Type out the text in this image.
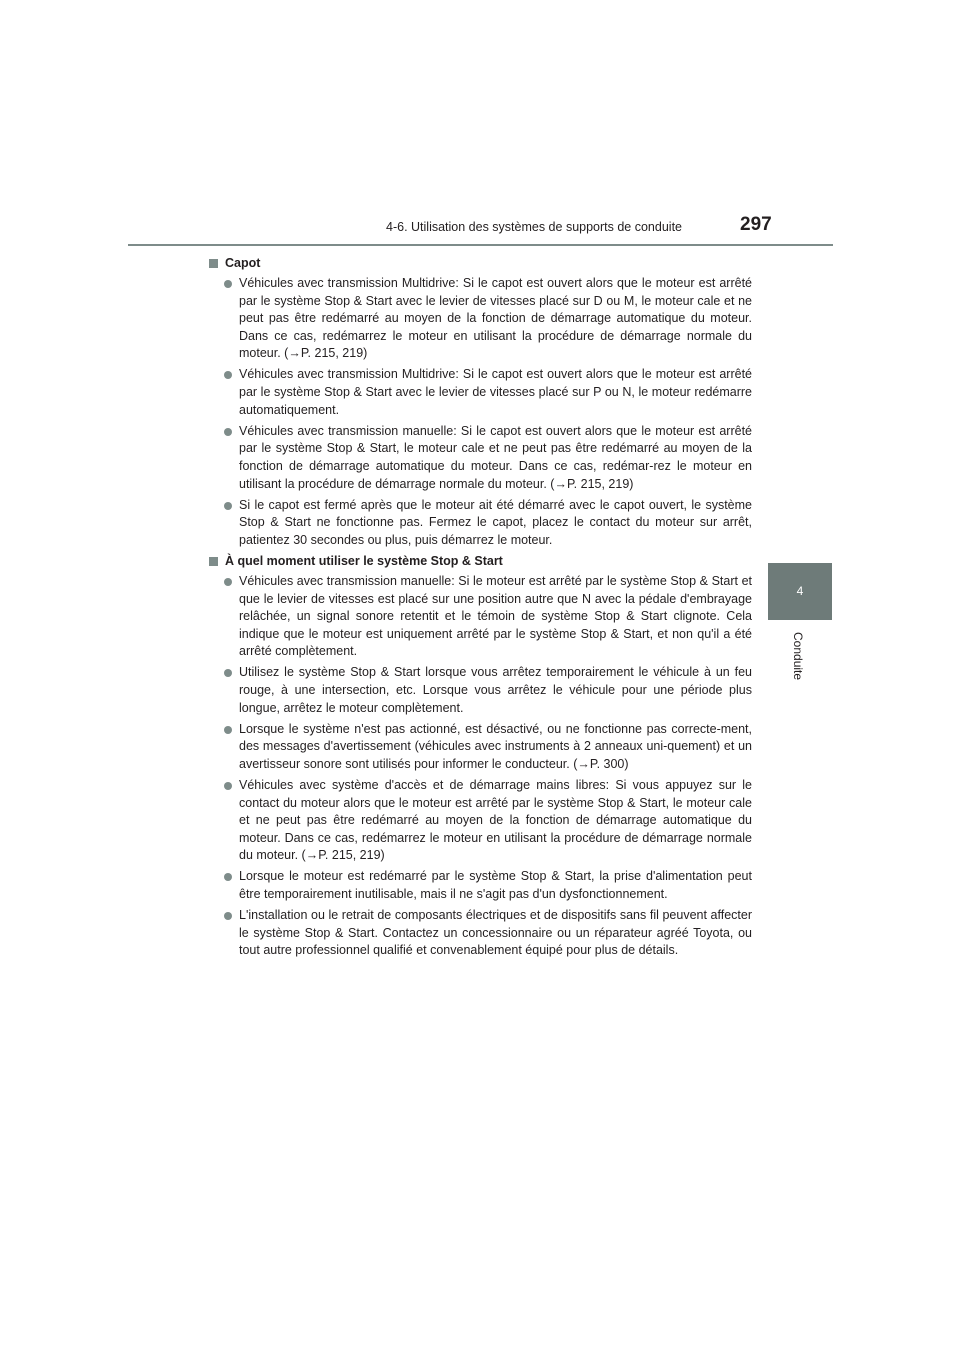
4-6. Utilisation des systèmes de supports de conduite	297
4
Conduite
Capot
Véhicules avec transmission Multidrive: Si le capot est ouvert alors que le moteur est arrêté par le système Stop & Start avec le levier de vitesses placé sur D ou M, le moteur cale et ne peut pas être redémarré au moyen de la fonction de démarrage automatique du moteur. Dans ce cas, redémarrez le moteur en utilisant la procédure de démarrage normale du moteur. (→P. 215, 219)
Véhicules avec transmission Multidrive: Si le capot est ouvert alors que le moteur est arrêté par le système Stop & Start avec le levier de vitesses placé sur P ou N, le moteur redémarre automatiquement.
Véhicules avec transmission manuelle: Si le capot est ouvert alors que le moteur est arrêté par le système Stop & Start, le moteur cale et ne peut pas être redémarré au moyen de la fonction de démarrage automatique du moteur. Dans ce cas, redémar-rez le moteur en utilisant la procédure de démarrage normale du moteur. (→P. 215, 219)
Si le capot est fermé après que le moteur ait été démarré avec le capot ouvert, le système Stop & Start ne fonctionne pas. Fermez le capot, placez le contact du moteur sur arrêt, patientez 30 secondes ou plus, puis démarrez le moteur.
À quel moment utiliser le système Stop & Start
Véhicules avec transmission manuelle: Si le moteur est arrêté par le système Stop & Start et que le levier de vitesses est placé sur une position autre que N avec la pédale d'embrayage relâchée, un signal sonore retentit et le témoin de système Stop & Start clignote. Cela indique que le moteur est uniquement arrêté par le système Stop & Start, et non qu'il a été arrêté complètement.
Utilisez le système Stop & Start lorsque vous arrêtez temporairement le véhicule à un feu rouge, à une intersection, etc. Lorsque vous arrêtez le véhicule pour une période plus longue, arrêtez le moteur complètement.
Lorsque le système n'est pas actionné, est désactivé, ou ne fonctionne pas correcte-ment, des messages d'avertissement (véhicules avec instruments à 2 anneaux uni-quement) et un avertisseur sonore sont utilisés pour informer le conducteur. (→P. 300)
Véhicules avec système d'accès et de démarrage mains libres: Si vous appuyez sur le contact du moteur alors que le moteur est arrêté par le système Stop & Start, le moteur cale et ne peut pas être redémarré au moyen de la fonction de démarrage automatique du moteur. Dans ce cas, redémarrez le moteur en utilisant la procédure de démarrage normale du moteur. (→P. 215, 219)
Lorsque le moteur est redémarré par le système Stop & Start, la prise d'alimentation peut être temporairement inutilisable, mais il ne s'agit pas d'un dysfonctionnement.
L'installation ou le retrait de composants électriques et de dispositifs sans fil peuvent affecter le système Stop & Start. Contactez un concessionnaire ou un réparateur agréé Toyota, ou tout autre professionnel qualifié et convenablement équipé pour plus de détails.
